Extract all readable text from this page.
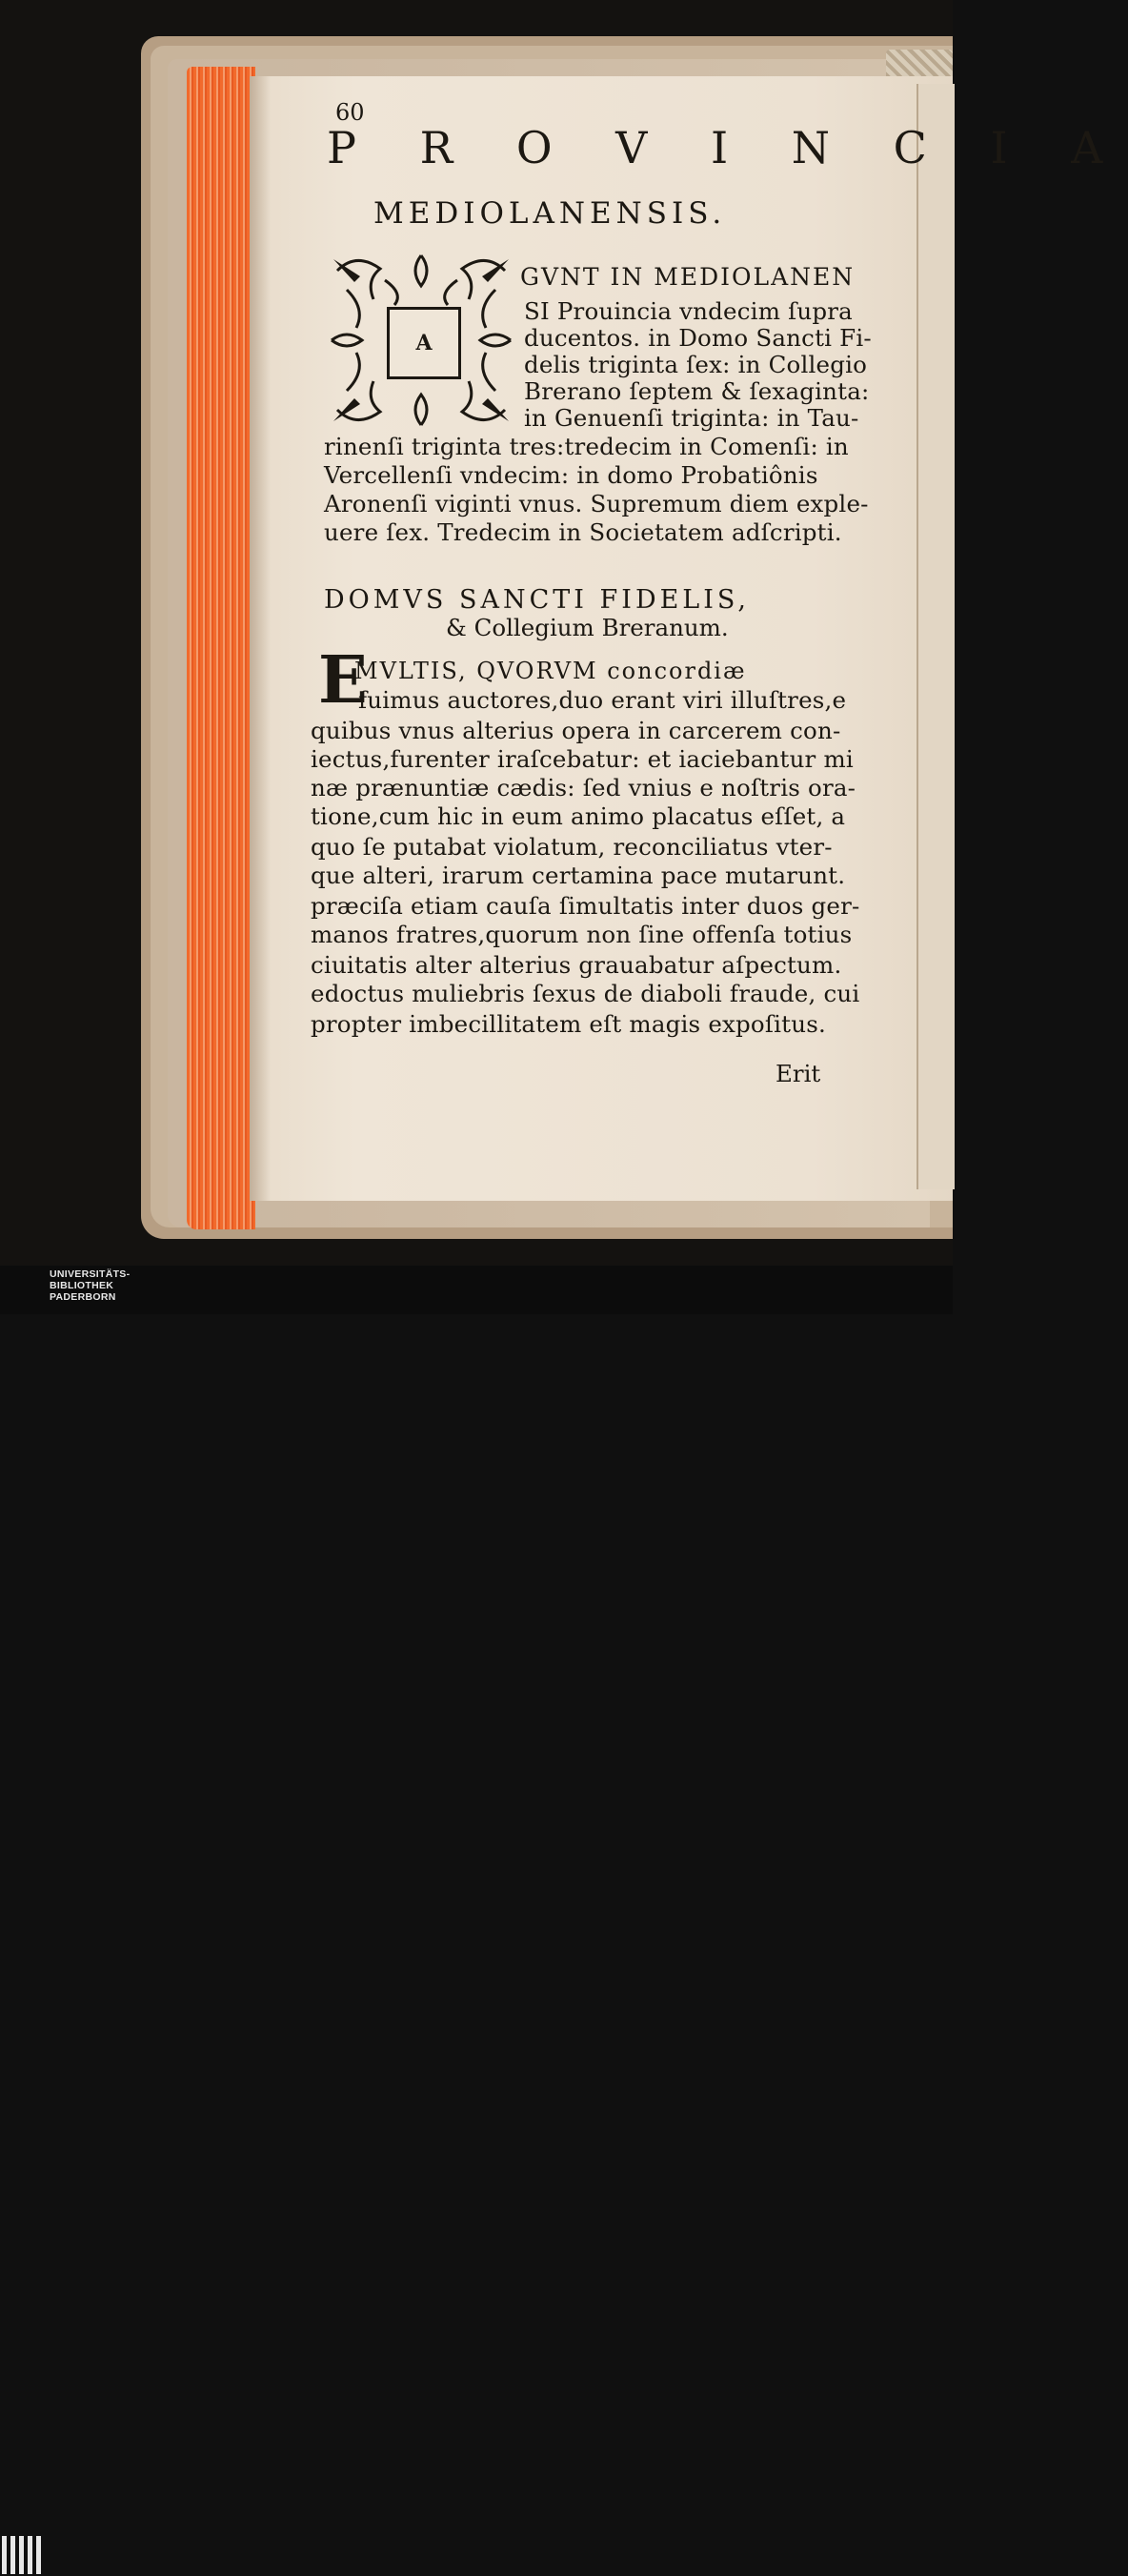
60
P R O V I N C I A
MEDIOLANENSIS.
A
GVNT IN MEDIOLANEN
SI Prouincia vndecim ſupra
ducentos. in Domo Sancti Fi-
delis triginta ſex: in Collegio
Brerano ſeptem & ſexaginta:
in Genuenſi triginta: in Tau-
rinenſi triginta tres:tredecim in Comenſi: in
Vercellenſi vndecim: in domo Probatiônis
Aronenſi viginti vnus. Supremum diem exple-
uere ſex. Tredecim in Societatem adſcripti.
DOMVS SANCTI FIDELIS,
& Collegium Breranum.
E
MVLTIS, QVORVM concordiæ
fuimus auctores,duo erant viri illuſtres,e
quibus vnus alterius opera in carcerem con-
iectus,furenter iraſcebatur: et iaciebantur mi
næ prænuntiæ cædis: ſed vnius e noſtris ora-
tione,cum hic in eum animo placatus eſſet, a
quo ſe putabat violatum, reconciliatus vter-
que alteri, irarum certamina pace mutarunt.
præciſa etiam cauſa ſimultatis inter duos ger-
manos fratres,quorum non ſine offenſa totius
ciuitatis alter alterius grauabatur aſpectum.
edoctus muliebris ſexus de diaboli fraude, cui
propter imbecillitatem eſt magis expoſitus.
Erit
UNIVERSITÄTS-
BIBLIOTHEK
PADERBORN
